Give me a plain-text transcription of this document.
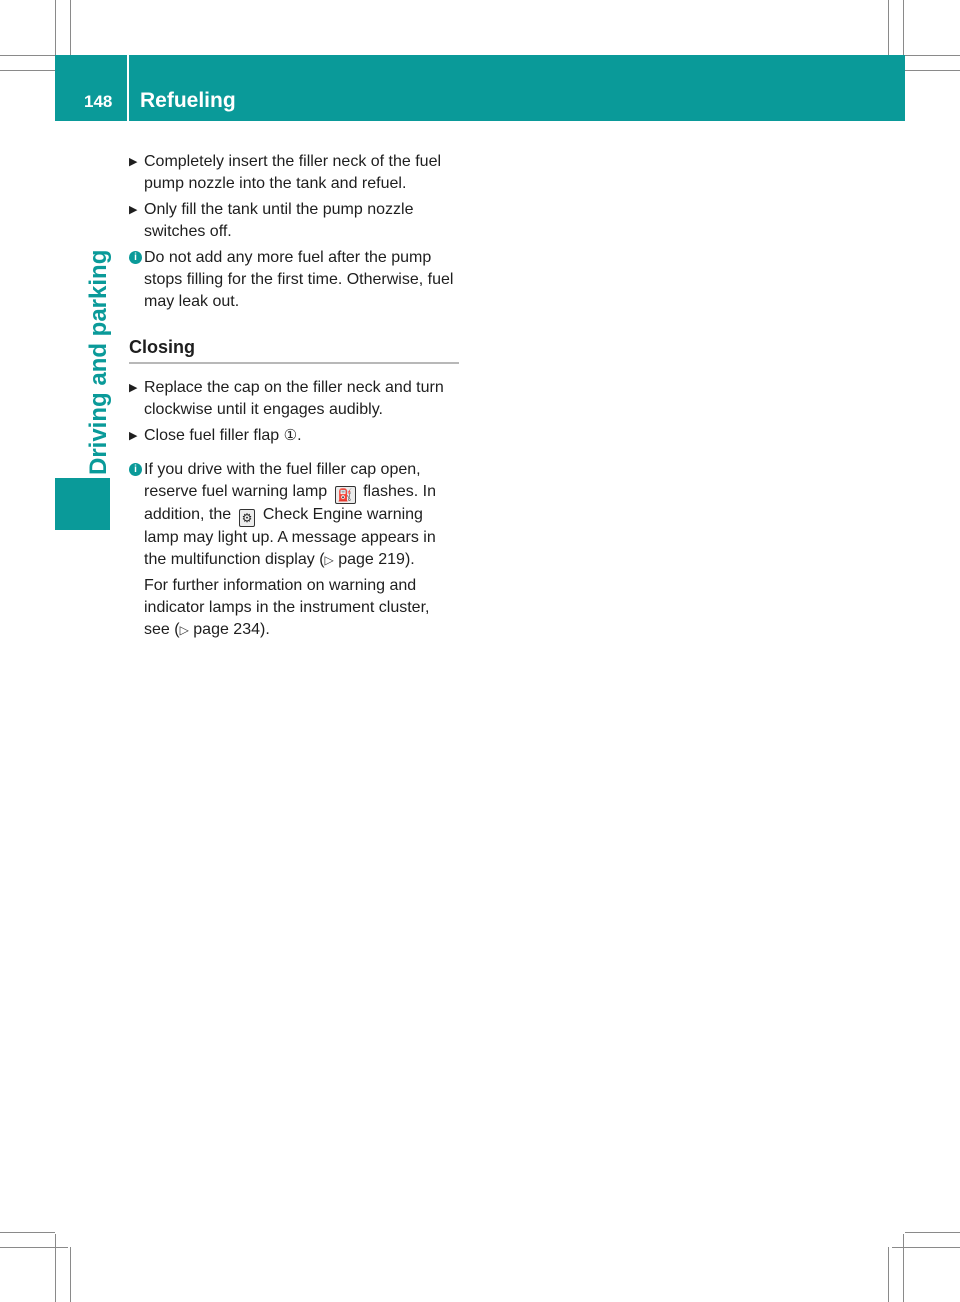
148 Refueling
Driving and parking

▶ Completely insert the filler neck of the fuel pump nozzle into the tank and refuel.

▶ Only fill the tank until the pump nozzle switches off.

i Do not add any more fuel after the pump stops filling for the first time. Otherwise, fuel may leak out.

Closing

▶ Replace the cap on the filler neck and turn clockwise until it engages audibly.

▶ Close fuel filler flap ①.

i If you drive with the fuel filler cap open, reserve fuel warning lamp ⛽ flashes. In addition, the ⚙ Check Engine warning lamp may light up. A message appears in the multifunction display (▷ page 219).

For further information on warning and indicator lamps in the instrument cluster, see (▷ page 234).
